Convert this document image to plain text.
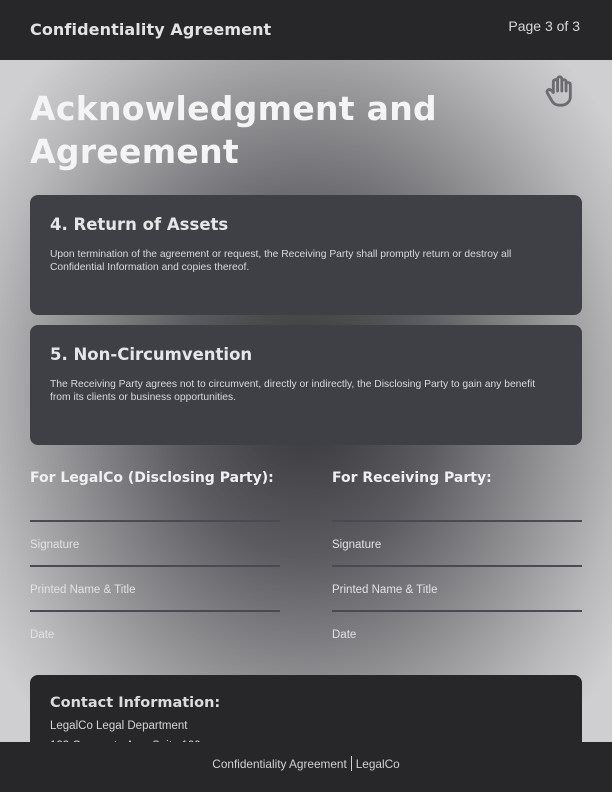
Confidentiality Agreement	Page 3 of 3
Acknowledgment and Agreement
4. Return of Assets

Upon termination of the agreement or request, the Receiving Party shall promptly return or destroy all Confidential Information and copies thereof.

5. Non-Circumvention

The Receiving Party agrees not to circumvent, directly or indirectly, the Disclosing Party to gain any benefit from its clients or business opportunities.

For LegalCo (Disclosing Party):
Signature
Printed Name & Title
Date
For Receiving Party:
Signature
Printed Name & Title
Date
Contact Information:

LegalCo Legal Department

Confidentiality Agreement LegalCo
